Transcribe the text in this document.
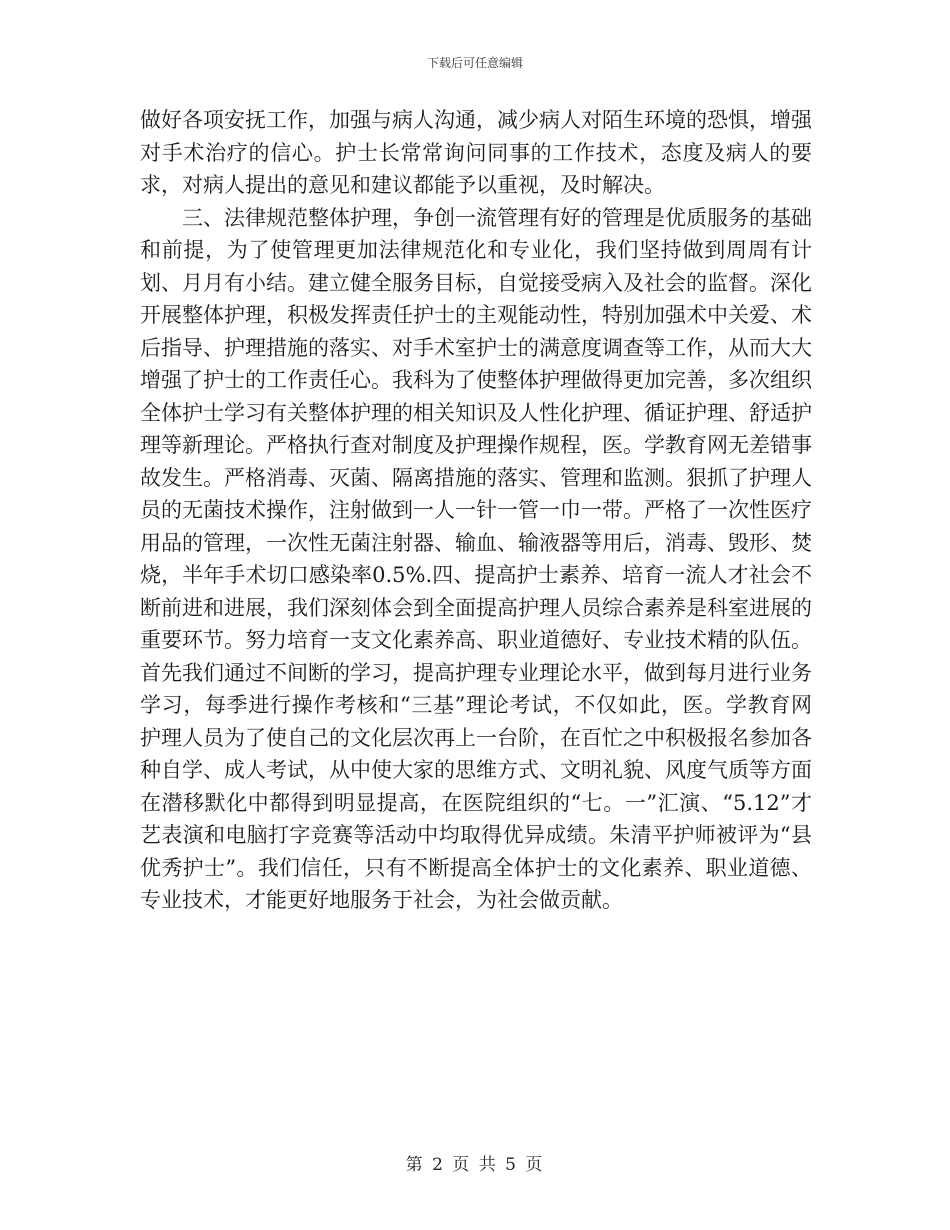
下载后可任意编辑

做好各项安抚工作，加强与病人沟通，减少病人对陌生环境的恐惧，增强对手术治疗的信心。护士长常常询问同事的工作技术，态度及病人的要求，对病人提出的意见和建议都能予以重视，及时解决。

三、法律规范整体护理，争创一流管理有好的管理是优质服务的基础和前提，为了使管理更加法律规范化和专业化，我们坚持做到周周有计划、月月有小结。建立健全服务目标，自觉接受病入及社会的监督。深化开展整体护理，积极发挥责任护士的主观能动性，特别加强术中关爱、术后指导、护理措施的落实、对手术室护士的满意度调查等工作，从而大大增强了护士的工作责任心。我科为了使整体护理做得更加完善，多次组织全体护士学习有关整体护理的相关知识及人性化护理、循证护理、舒适护理等新理论。严格执行查对制度及护理操作规程，医。学教育网无差错事故发生。严格消毒、灭菌、隔离措施的落实、管理和监测。狠抓了护理人员的无菌技术操作，注射做到一人一针一管一巾一带。严格了一次性医疗用品的管理，一次性无菌注射器、输血、输液器等用后，消毒、毁形、焚烧，半年手术切口感染率0.5%.四、提高护士素养、培育一流人才社会不断前进和进展，我们深刻体会到全面提高护理人员综合素养是科室进展的重要环节。努力培育一支文化素养高、职业道德好、专业技术精的队伍。首先我们通过不间断的学习，提高护理专业理论水平，做到每月进行业务学习，每季进行操作考核和“三基”理论考试，不仅如此，医。学教育网护理人员为了使自己的文化层次再上一台阶，在百忙之中积极报名参加各种自学、成人考试，从中使大家的思维方式、文明礼貌、风度气质等方面在潜移默化中都得到明显提高，在医院组织的“七。一”汇演、“5.12”才艺表演和电脑打字竞赛等活动中均取得优异成绩。朱清平护师被评为“县优秀护士”。我们信任，只有不断提高全体护士的文化素养、职业道德、专业技术，才能更好地服务于社会，为社会做贡献。

第 2 页 共 5 页
